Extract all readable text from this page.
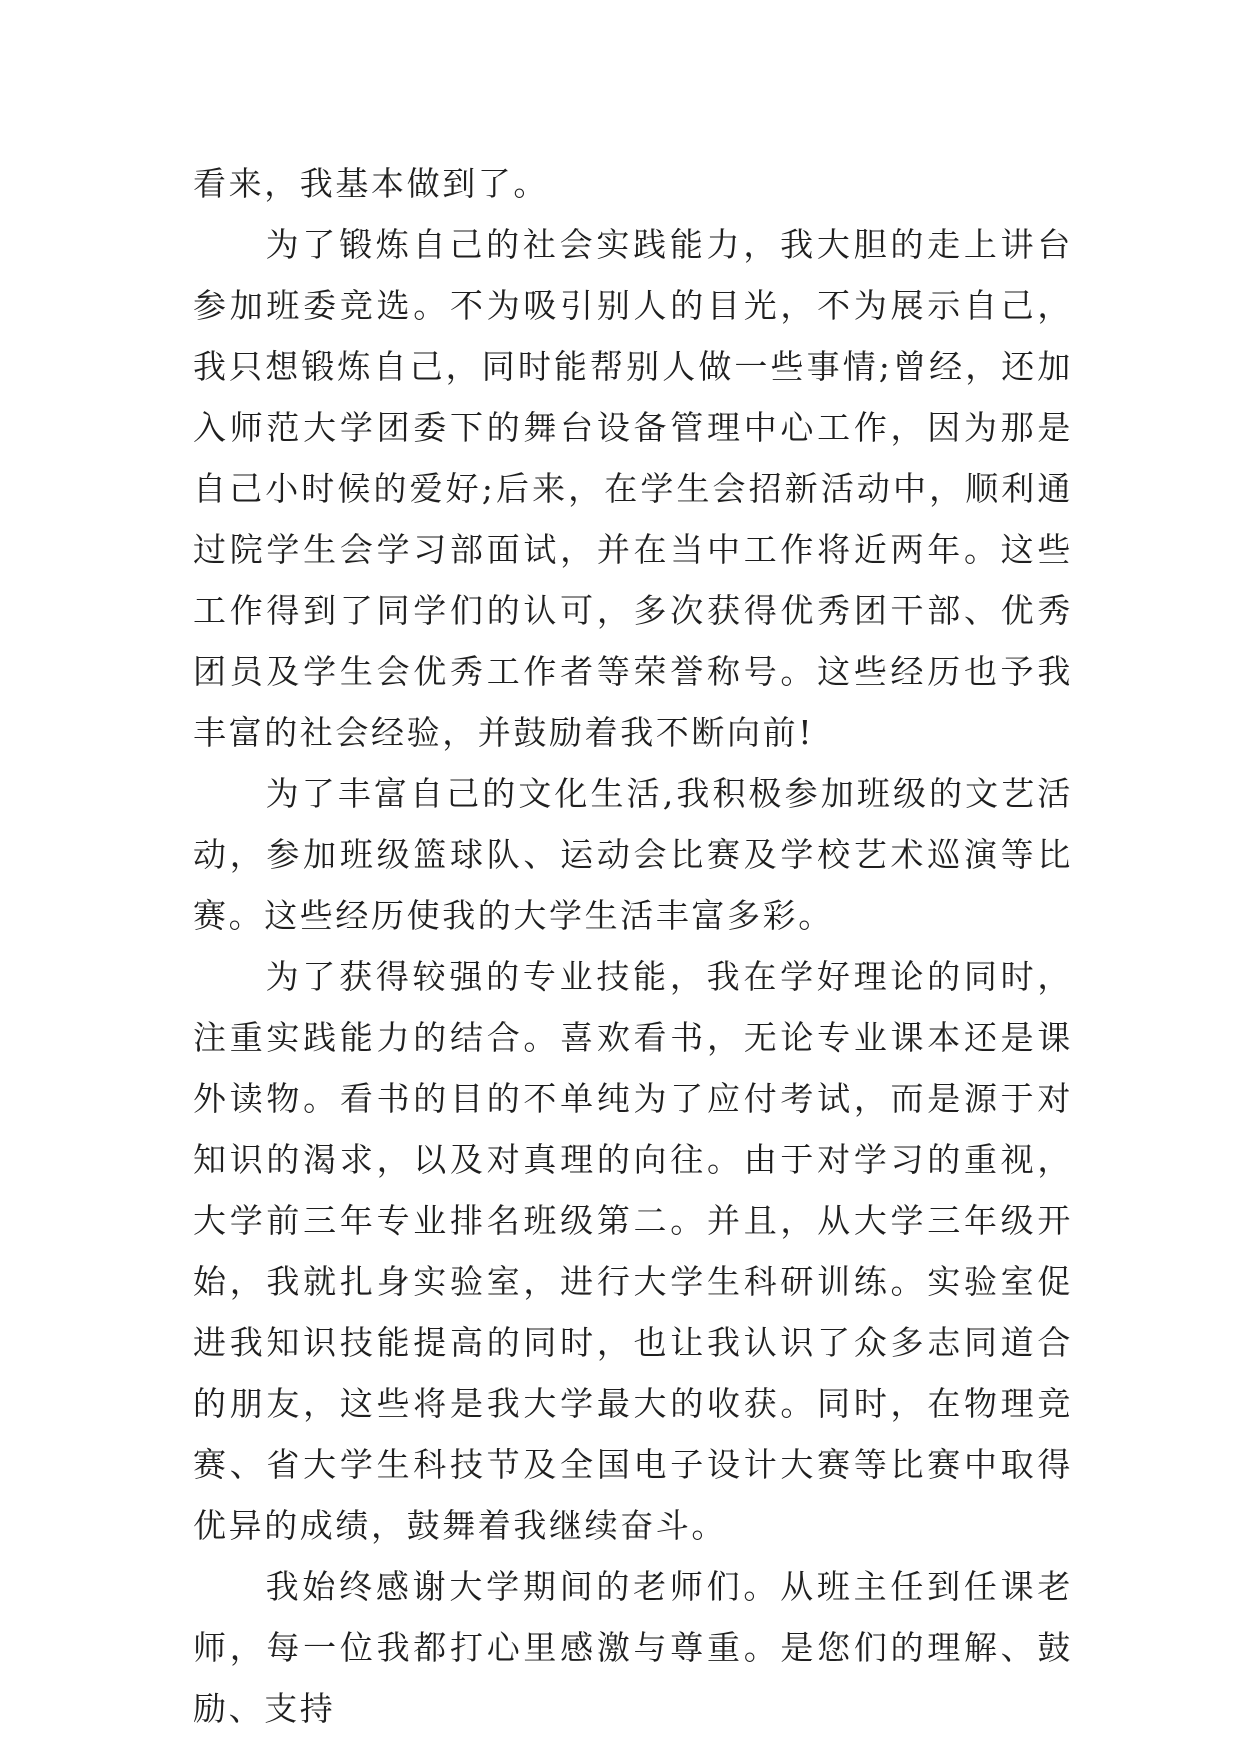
看来，我基本做到了。

为了锻炼自己的社会实践能力，我大胆的走上讲台参加班委竞选。不为吸引别人的目光，不为展示自己，我只想锻炼自己，同时能帮别人做一些事情;曾经，还加入师范大学团委下的舞台设备管理中心工作，因为那是自己小时候的爱好;后来，在学生会招新活动中，顺利通过院学生会学习部面试，并在当中工作将近两年。这些工作得到了同学们的认可，多次获得优秀团干部、优秀团员及学生会优秀工作者等荣誉称号。这些经历也予我丰富的社会经验，并鼓励着我不断向前!

为了丰富自己的文化生活,我积极参加班级的文艺活动，参加班级篮球队、运动会比赛及学校艺术巡演等比赛。这些经历使我的大学生活丰富多彩。

为了获得较强的专业技能，我在学好理论的同时，注重实践能力的结合。喜欢看书，无论专业课本还是课外读物。看书的目的不单纯为了应付考试，而是源于对知识的渴求，以及对真理的向往。由于对学习的重视，大学前三年专业排名班级第二。并且，从大学三年级开始，我就扎身实验室，进行大学生科研训练。实验室促进我知识技能提高的同时，也让我认识了众多志同道合的朋友，这些将是我大学最大的收获。同时，在物理竞赛、省大学生科技节及全国电子设计大赛等比赛中取得优异的成绩，鼓舞着我继续奋斗。

我始终感谢大学期间的老师们。从班主任到任课老师，每一位我都打心里感激与尊重。是您们的理解、鼓励、支持
